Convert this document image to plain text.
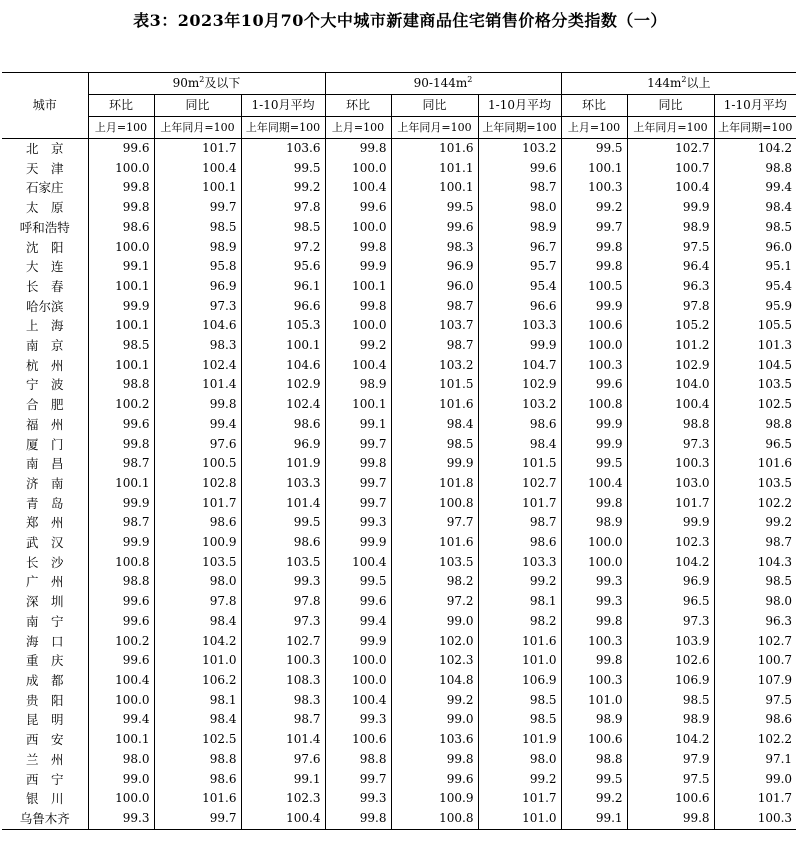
表3：2023年10月70个大中城市新建商品住宅销售价格分类指数（一）
城市	$90m^2$及以下			$90-144m^2$			$144m^2$以上		
	环比	同比	1-10月平均	环比	同比	1-10月平均	环比	同比	1-10月平均
	上月=100	上年同月=100	上年同期=100	上月=100	上年同月=100	上年同期=100	上月=100	上年同月=100	上年同期=100
北　京	99.6	101.7	103.6	99.8	101.6	103.2	99.5	102.7	104.2
天　津	100.0	100.4	99.5	100.0	101.1	99.6	100.1	100.7	98.8
石家庄	99.8	100.1	99.2	100.4	100.1	98.7	100.3	100.4	99.4
太　原	99.8	99.7	97.8	99.6	99.5	98.0	99.2	99.9	98.4
呼和浩特	98.6	98.5	98.5	100.0	99.6	98.9	99.7	98.9	98.5
沈　阳	100.0	98.9	97.2	99.8	98.3	96.7	99.8	97.5	96.0
大　连	99.1	95.8	95.6	99.9	96.9	95.7	99.8	96.4	95.1
长　春	100.1	96.9	96.1	100.1	96.0	95.4	100.5	96.3	95.4
哈尔滨	99.9	97.3	96.6	99.8	98.7	96.6	99.9	97.8	95.9
上　海	100.1	104.6	105.3	100.0	103.7	103.3	100.6	105.2	105.5
南　京	98.5	98.3	100.1	99.2	98.7	99.9	100.0	101.2	101.3
杭　州	100.1	102.4	104.6	100.4	103.2	104.7	100.3	102.9	104.5
宁　波	98.8	101.4	102.9	98.9	101.5	102.9	99.6	104.0	103.5
合　肥	100.2	99.8	102.4	100.1	101.6	103.2	100.8	100.4	102.5
福　州	99.6	99.4	98.6	99.1	98.4	98.6	99.9	98.8	98.8
厦　门	99.8	97.6	96.9	99.7	98.5	98.4	99.9	97.3	96.5
南　昌	98.7	100.5	101.9	99.8	99.9	101.5	99.5	100.3	101.6
济　南	100.1	102.8	103.3	99.7	101.8	102.7	100.4	103.0	103.5
青　岛	99.9	101.7	101.4	99.7	100.8	101.7	99.8	101.7	102.2
郑　州	98.7	98.6	99.5	99.3	97.7	98.7	98.9	99.9	99.2
武　汉	99.9	100.9	98.6	99.9	101.6	98.6	100.0	102.3	98.7
长　沙	100.8	103.5	103.5	100.4	103.5	103.3	100.0	104.2	104.3
广　州	98.8	98.0	99.3	99.5	98.2	99.2	99.3	96.9	98.5
深　圳	99.6	97.8	97.8	99.6	97.2	98.1	99.3	96.5	98.0
南　宁	99.6	98.4	97.3	99.4	99.0	98.2	99.8	97.3	96.3
海　口	100.2	104.2	102.7	99.9	102.0	101.6	100.3	103.9	102.7
重　庆	99.6	101.0	100.3	100.0	102.3	101.0	99.8	102.6	100.7
成　都	100.4	106.2	108.3	100.0	104.8	106.9	100.3	106.9	107.9
贵　阳	100.0	98.1	98.3	100.4	99.2	98.5	101.0	98.5	97.5
昆　明	99.4	98.4	98.7	99.3	99.0	98.5	98.9	98.9	98.6
西　安	100.1	102.5	101.4	100.6	103.6	101.9	100.6	104.2	102.2
兰　州	98.0	98.8	97.6	98.8	99.8	98.0	98.8	97.9	97.1
西　宁	99.0	98.6	99.1	99.7	99.6	99.2	99.5	97.5	99.0
银　川	100.0	101.6	102.3	99.3	100.9	101.7	99.2	100.6	101.7
乌鲁木齐	99.3	99.7	100.4	99.8	100.8	101.0	99.1	99.8	100.3
